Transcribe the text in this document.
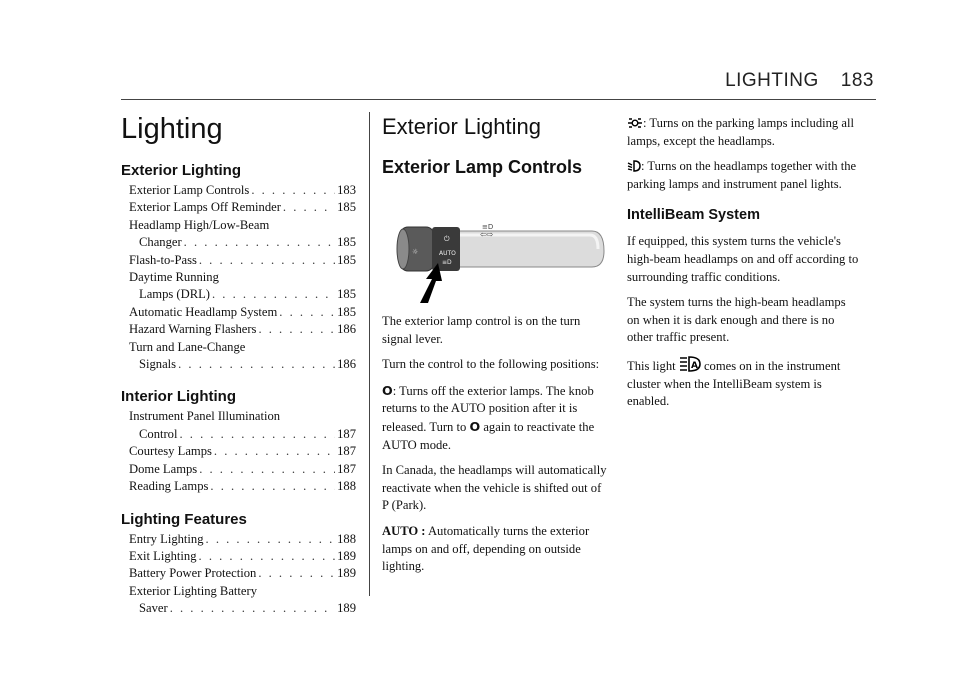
LIGHTING 183
Lighting
Exterior Lighting
Exterior Lamp Controls . . .	183
Exterior Lamps Off Reminder . . .	185
Headlamp High/Low-Beam
Changer . . .	185
Flash-to-Pass . . .	185
Daytime Running
Lamps (DRL) . . .	185
Automatic Headlamp System . . .	185
Hazard Warning Flashers . . .	186
Turn and Lane-Change
Signals . . .	186
Interior Lighting
Instrument Panel Illumination
Control . . .	187
Courtesy Lamps . . .	187
Dome Lamps . . .	187
Reading Lamps . . .	188
Lighting Features
Entry Lighting . . .	188
Exit Lighting . . .	189
Battery Power Protection . . .	189
Exterior Lighting Battery
Saver . . .	189
Exterior Lighting
Exterior Lamp Controls
⏻
AUTO
≡D
☼
≡D
⇦⇨

The exterior lamp control is on the turn signal lever.

Turn the control to the following positions:

O: Turns off the exterior lamps. The knob returns to the AUTO position after it is released. Turn to O again to reactivate the AUTO mode.

In Canada, the headlamps will automatically reactivate when the vehicle is shifted out of P (Park).

AUTO : Automatically turns the exterior lamps on and off, depending on outside lighting.

: Turns on the parking lamps including all lamps, except the headlamps.

: Turns on the headlamps together with the parking lamps and instrument panel lights.

IntelliBeam System

If equipped, this system turns the vehicle's high-beam headlamps on and off according to surrounding traffic conditions.

The system turns the high-beam headlamps on when it is dark enough and there is no other traffic present.

This light A comes on in the instrument cluster when the IntelliBeam system is enabled.
